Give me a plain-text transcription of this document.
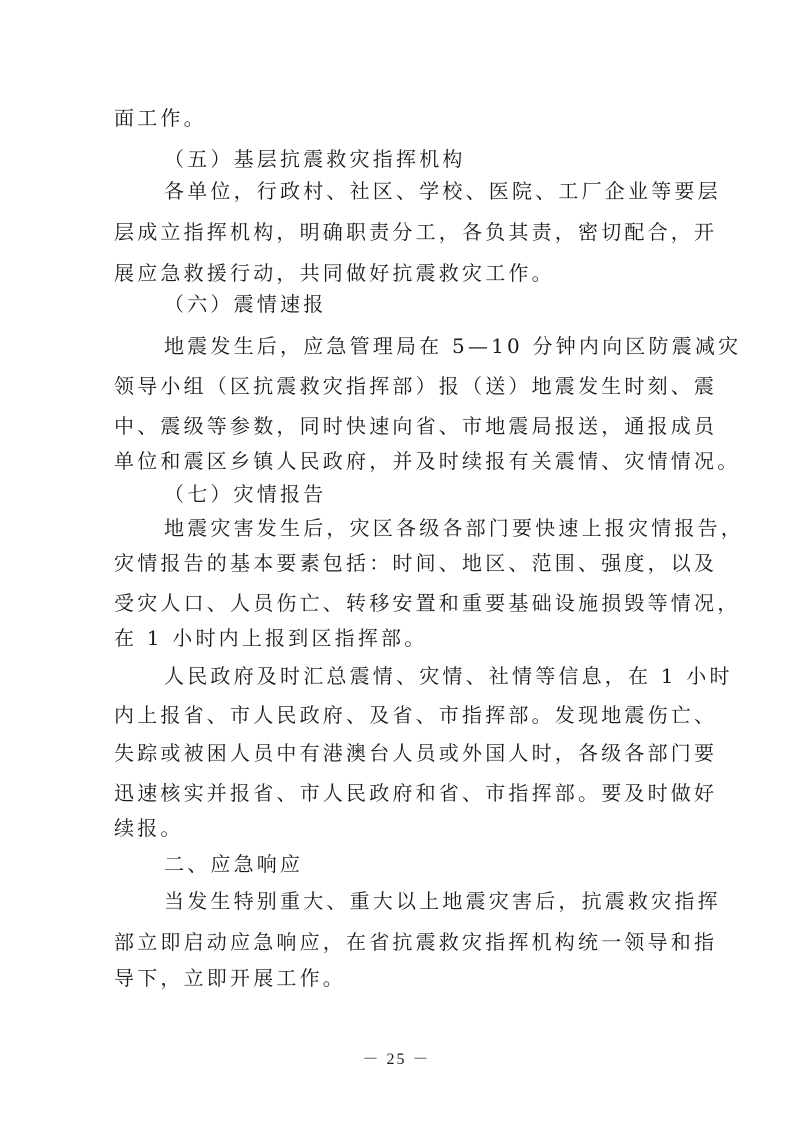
面工作。
（五）基层抗震救灾指挥机构
各单位，行政村、社区、学校、医院、工厂企业等要层
层成立指挥机构，明确职责分工，各负其责，密切配合，开
展应急救援行动，共同做好抗震救灾工作。
（六）震情速报
地震发生后，应急管理局在 5—10 分钟内向区防震减灾
领导小组（区抗震救灾指挥部）报（送）地震发生时刻、震
中、震级等参数，同时快速向省、市地震局报送，通报成员
单位和震区乡镇人民政府，并及时续报有关震情、灾情情况。
（七）灾情报告
地震灾害发生后，灾区各级各部门要快速上报灾情报告，
灾情报告的基本要素包括：时间、地区、范围、强度，以及
受灾人口、人员伤亡、转移安置和重要基础设施损毁等情况，
在 1 小时内上报到区指挥部。
人民政府及时汇总震情、灾情、社情等信息，在 1 小时
内上报省、市人民政府、及省、市指挥部。发现地震伤亡、
失踪或被困人员中有港澳台人员或外国人时，各级各部门要
迅速核实并报省、市人民政府和省、市指挥部。要及时做好
续报。
二、应急响应
当发生特别重大、重大以上地震灾害后，抗震救灾指挥
部立即启动应急响应，在省抗震救灾指挥机构统一领导和指
导下，立即开展工作。
－ 25 －
